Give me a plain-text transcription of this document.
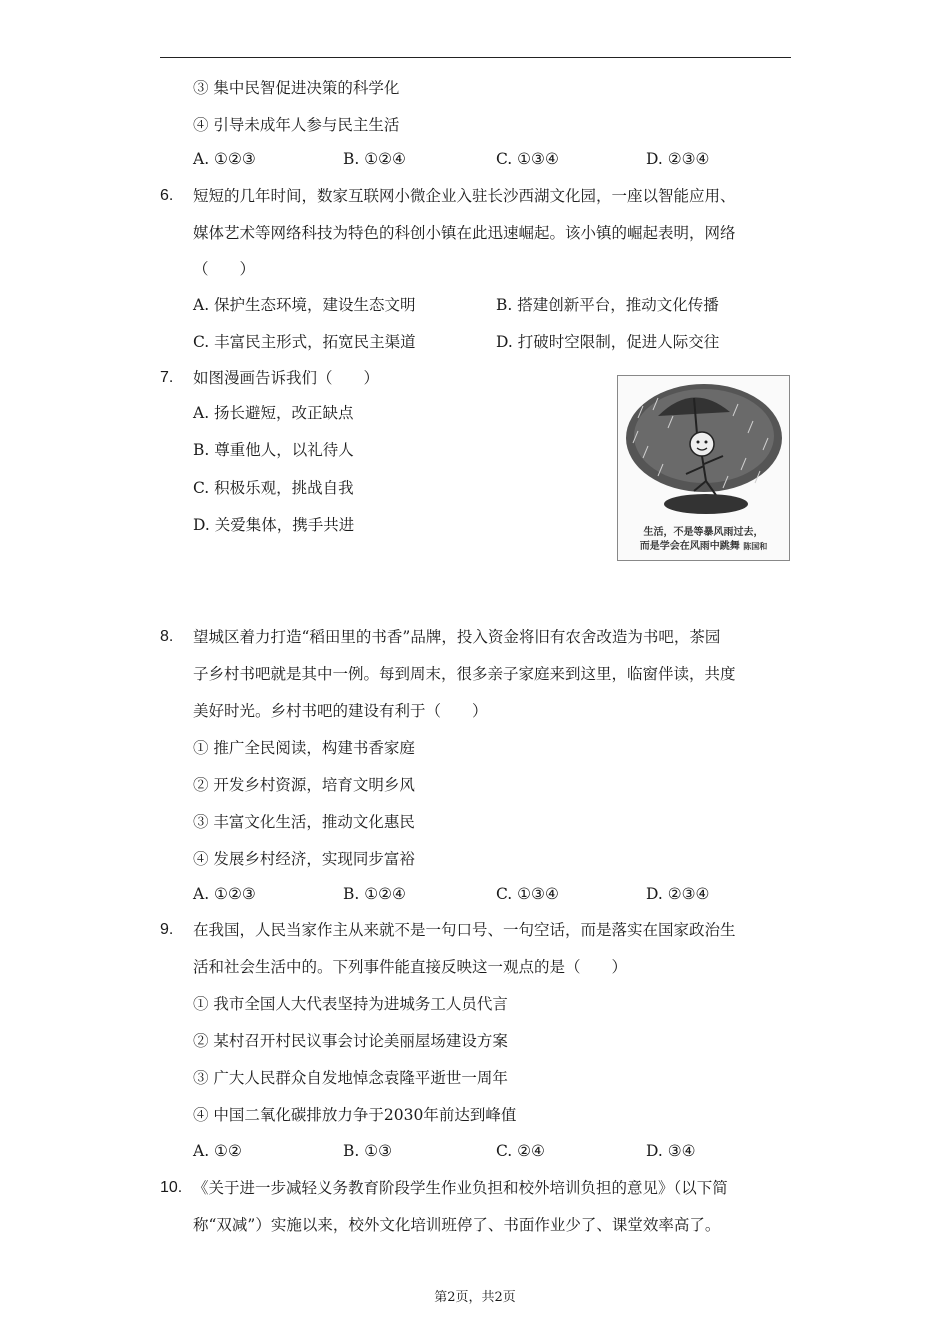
③ 集中民智促进决策的科学化
④ 引导未成年人参与民主生活
A. ①②③	B. ①②④	C. ①③④	D. ②③④
6. 短短的几年时间，数家互联网小微企业入驻长沙西湖文化园，一座以智能应用、
媒体艺术等网络科技为特色的科创小镇在此迅速崛起。该小镇的崛起表明，网络
（　　）
A. 保护生态环境，建设生态文明	B. 搭建创新平台，推动文化传播
C. 丰富民主形式，拓宽民主渠道	D. 打破时空限制，促进人际交往
7. 如图漫画告诉我们（　　）
A. 扬长避短，改正缺点
B. 尊重他人，以礼待人
C. 积极乐观，挑战自我
D. 关爱集体，携手共进	生活，不是等暴风雨过去，
而是学会在风雨中跳舞 陈国和
8. 望城区着力打造“稻田里的书香”品牌，投入资金将旧有农舍改造为书吧，茶园
子乡村书吧就是其中一例。每到周末，很多亲子家庭来到这里，临窗伴读，共度
美好时光。乡村书吧的建设有利于（　　）
① 推广全民阅读，构建书香家庭
② 开发乡村资源，培育文明乡风
③ 丰富文化生活，推动文化惠民
④ 发展乡村经济，实现同步富裕
A. ①②③	B. ①②④	C. ①③④	D. ②③④
9. 在我国，人民当家作主从来就不是一句口号、一句空话，而是落实在国家政治生
活和社会生活中的。下列事件能直接反映这一观点的是（　　）
① 我市全国人大代表坚持为进城务工人员代言
② 某村召开村民议事会讨论美丽屋场建设方案
③ 广大人民群众自发地悼念袁隆平逝世一周年
④ 中国二氧化碳排放力争于2030年前达到峰值
A. ①②	B. ①③	C. ②④	D. ③④
10. 《关于进一步减轻义务教育阶段学生作业负担和校外培训负担的意见》（以下简
称“双减”）实施以来，校外文化培训班停了、书面作业少了、课堂效率高了。
第2页，共2页
